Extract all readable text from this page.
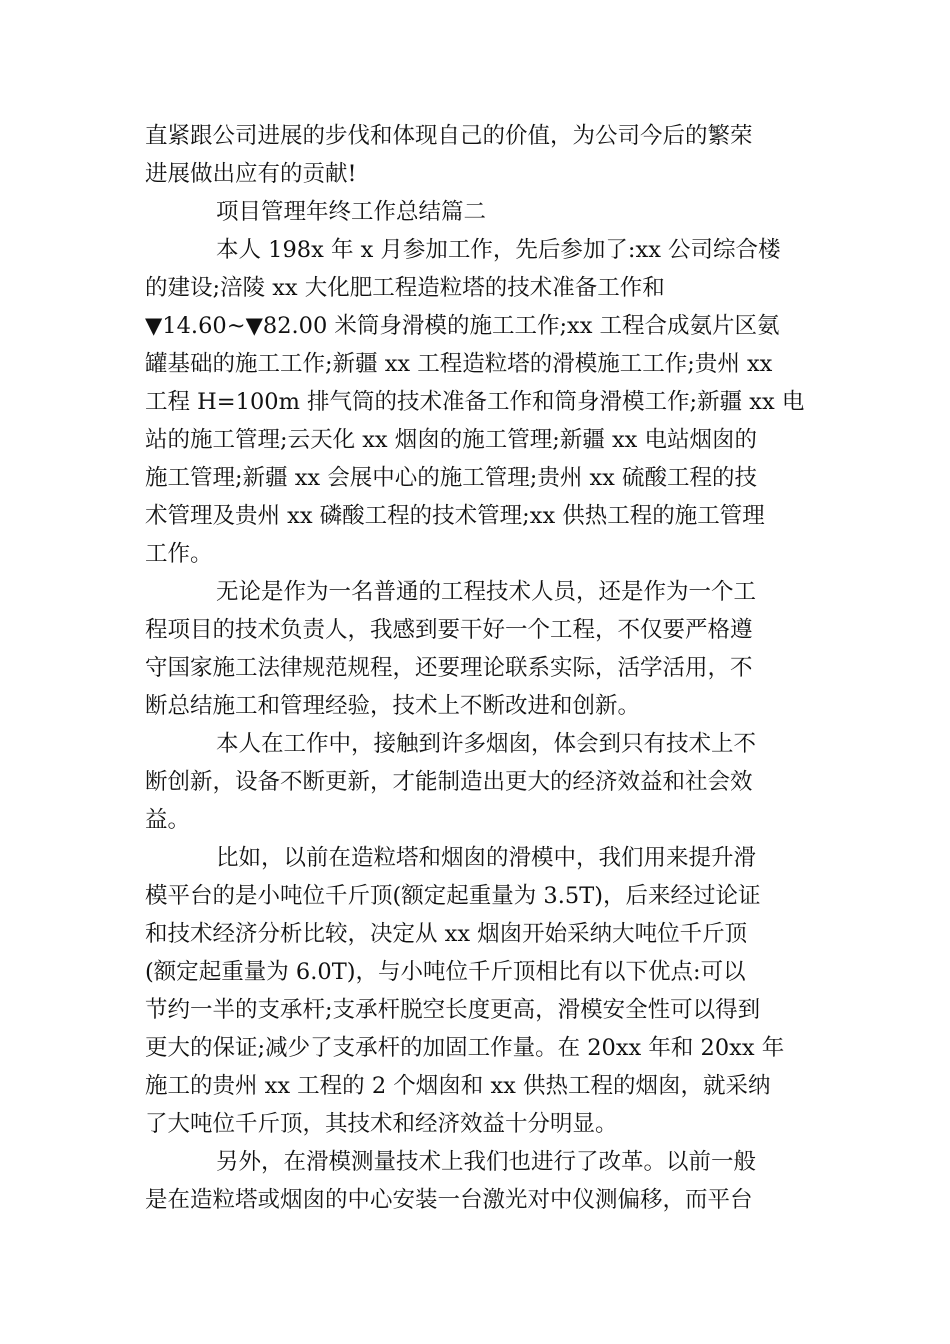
直紧跟公司进展的步伐和体现自己的价值，为公司今后的繁荣
进展做出应有的贡献!
项目管理年终工作总结篇二
本人 198x 年 x 月参加工作，先后参加了:xx 公司综合楼
的建设;涪陵 xx 大化肥工程造粒塔的技术准备工作和
▼14.60~▼82.00 米筒身滑模的施工工作;xx 工程合成氨片区氨
罐基础的施工工作;新疆 xx 工程造粒塔的滑模施工工作;贵州 xx
工程 H=100m 排气筒的技术准备工作和筒身滑模工作;新疆 xx 电
站的施工管理;云天化 xx 烟囱的施工管理;新疆 xx 电站烟囱的
施工管理;新疆 xx 会展中心的施工管理;贵州 xx 硫酸工程的技
术管理及贵州 xx 磷酸工程的技术管理;xx 供热工程的施工管理
工作。
无论是作为一名普通的工程技术人员，还是作为一个工
程项目的技术负责人，我感到要干好一个工程，不仅要严格遵
守国家施工法律规范规程，还要理论联系实际，活学活用，不
断总结施工和管理经验，技术上不断改进和创新。
本人在工作中，接触到许多烟囱，体会到只有技术上不
断创新，设备不断更新，才能制造出更大的经济效益和社会效
益。
比如，以前在造粒塔和烟囱的滑模中，我们用来提升滑
模平台的是小吨位千斤顶(额定起重量为 3.5T)，后来经过论证
和技术经济分析比较，决定从 xx 烟囱开始采纳大吨位千斤顶
(额定起重量为 6.0T)，与小吨位千斤顶相比有以下优点:可以
节约一半的支承杆;支承杆脱空长度更高，滑模安全性可以得到
更大的保证;减少了支承杆的加固工作量。在 20xx 年和 20xx 年
施工的贵州 xx 工程的 2 个烟囱和 xx 供热工程的烟囱，就采纳
了大吨位千斤顶，其技术和经济效益十分明显。
另外，在滑模测量技术上我们也进行了改革。以前一般
是在造粒塔或烟囱的中心安装一台激光对中仪测偏移，而平台
